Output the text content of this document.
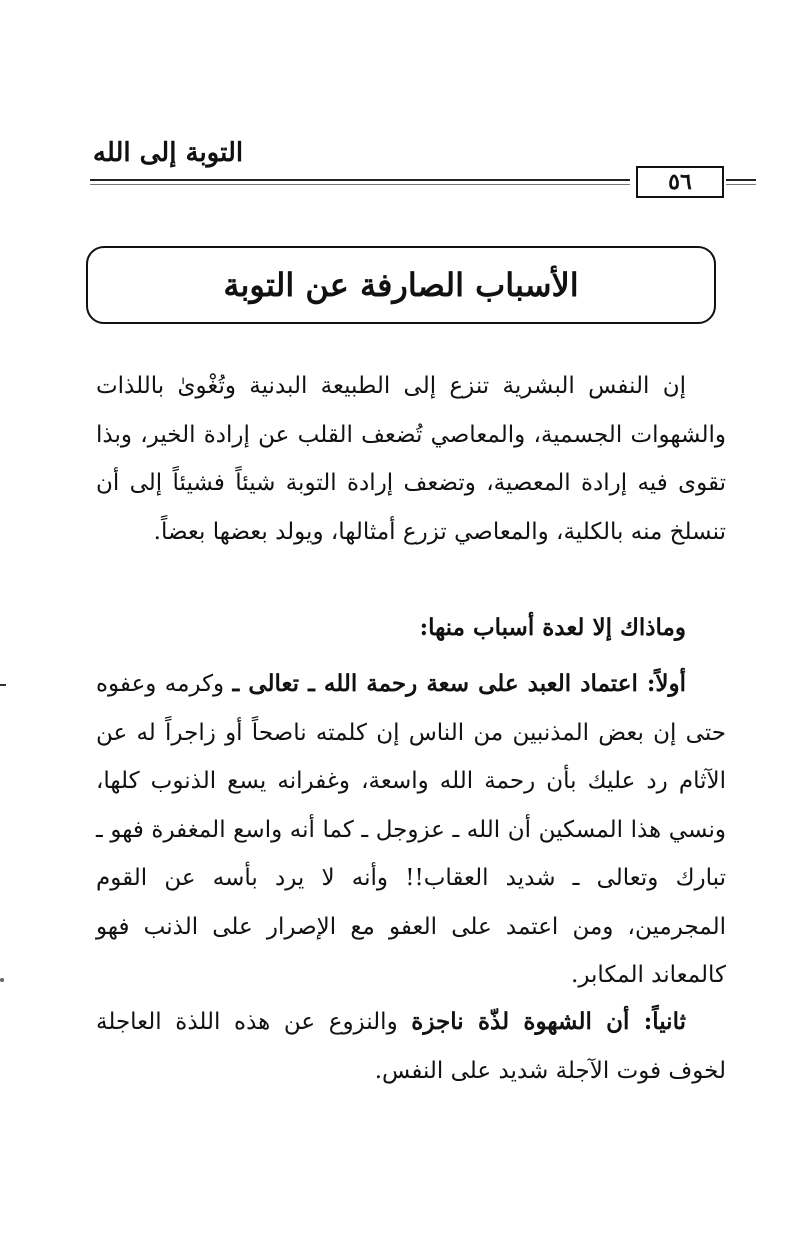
التوبة إلى الله
٥٦
الأسباب الصارفة عن التوبة
إن النفس البشرية تنزع إلى الطبيعة البدنية وتُغْوىٰ باللذات والشهوات الجسمية، والمعاصي تُضعف القلب عن إرادة الخير، وبذا تقوى فيه إرادة المعصية، وتضعف إرادة التوبة شيئاً فشيئاً إلى أن تنسلخ منه بالكلية، والمعاصي تزرع أمثالها، ويولد بعضها بعضاً.
وماذاك إلا لعدة أسباب منها:
أولاً: اعتماد العبد على سعة رحمة الله ـ تعالى ـ وكرمه وعفوه حتى إن بعض المذنبين من الناس إن كلمته ناصحاً أو زاجراً له عن الآثام رد عليك بأن رحمة الله واسعة، وغفرانه يسع الذنوب كلها، ونسي هذا المسكين أن الله ـ عزوجل ـ كما أنه واسع المغفرة فهو ـ تبارك وتعالى ـ شديد العقاب!! وأنه لا يرد بأسه عن القوم المجرمين، ومن اعتمد على العفو مع الإصرار على الذنب فهو كالمعاند المكابر.
ثانياً: أن الشهوة لذّة ناجزة والنزوع عن هذه اللذة العاجلة لخوف فوت الآجلة شديد على النفس.
